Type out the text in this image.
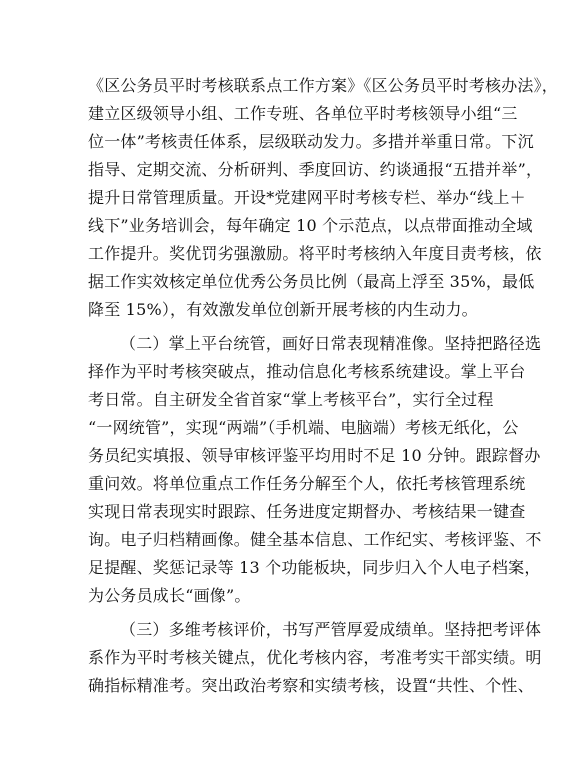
《区公务员平时考核联系点工作方案》《区公务员平时考核办法》，
建立区级领导小组、工作专班、各单位平时考核领导小组“三
位一体”考核责任体系，层级联动发力。多措并举重日常。下沉
指导、定期交流、分析研判、季度回访、约谈通报“五措并举”，
提升日常管理质量。开设*党建网平时考核专栏、举办“线上＋
线下”业务培训会，每年确定 10 个示范点，以点带面推动全域
工作提升。奖优罚劣强激励。将平时考核纳入年度目责考核，依
据工作实效核定单位优秀公务员比例（最高上浮至 35%，最低
降至 15%），有效激发单位创新开展考核的内生动力。
（二）掌上平台统管，画好日常表现精准像。坚持把路径选
择作为平时考核突破点，推动信息化考核系统建设。掌上平台
考日常。自主研发全省首家“掌上考核平台”，实行全过程
“一网统管”，实现“两端”（手机端、电脑端）考核无纸化，公
务员纪实填报、领导审核评鉴平均用时不足 10 分钟。跟踪督办
重问效。将单位重点工作任务分解至个人，依托考核管理系统
实现日常表现实时跟踪、任务进度定期督办、考核结果一键查
询。电子归档精画像。健全基本信息、工作纪实、考核评鉴、不
足提醒、奖惩记录等 13 个功能板块，同步归入个人电子档案，
为公务员成长“画像”。
（三）多维考核评价，书写严管厚爱成绩单。坚持把考评体
系作为平时考核关键点，优化考核内容，考准考实干部实绩。明
确指标精准考。突出政治考察和实绩考核，设置“共性、个性、
